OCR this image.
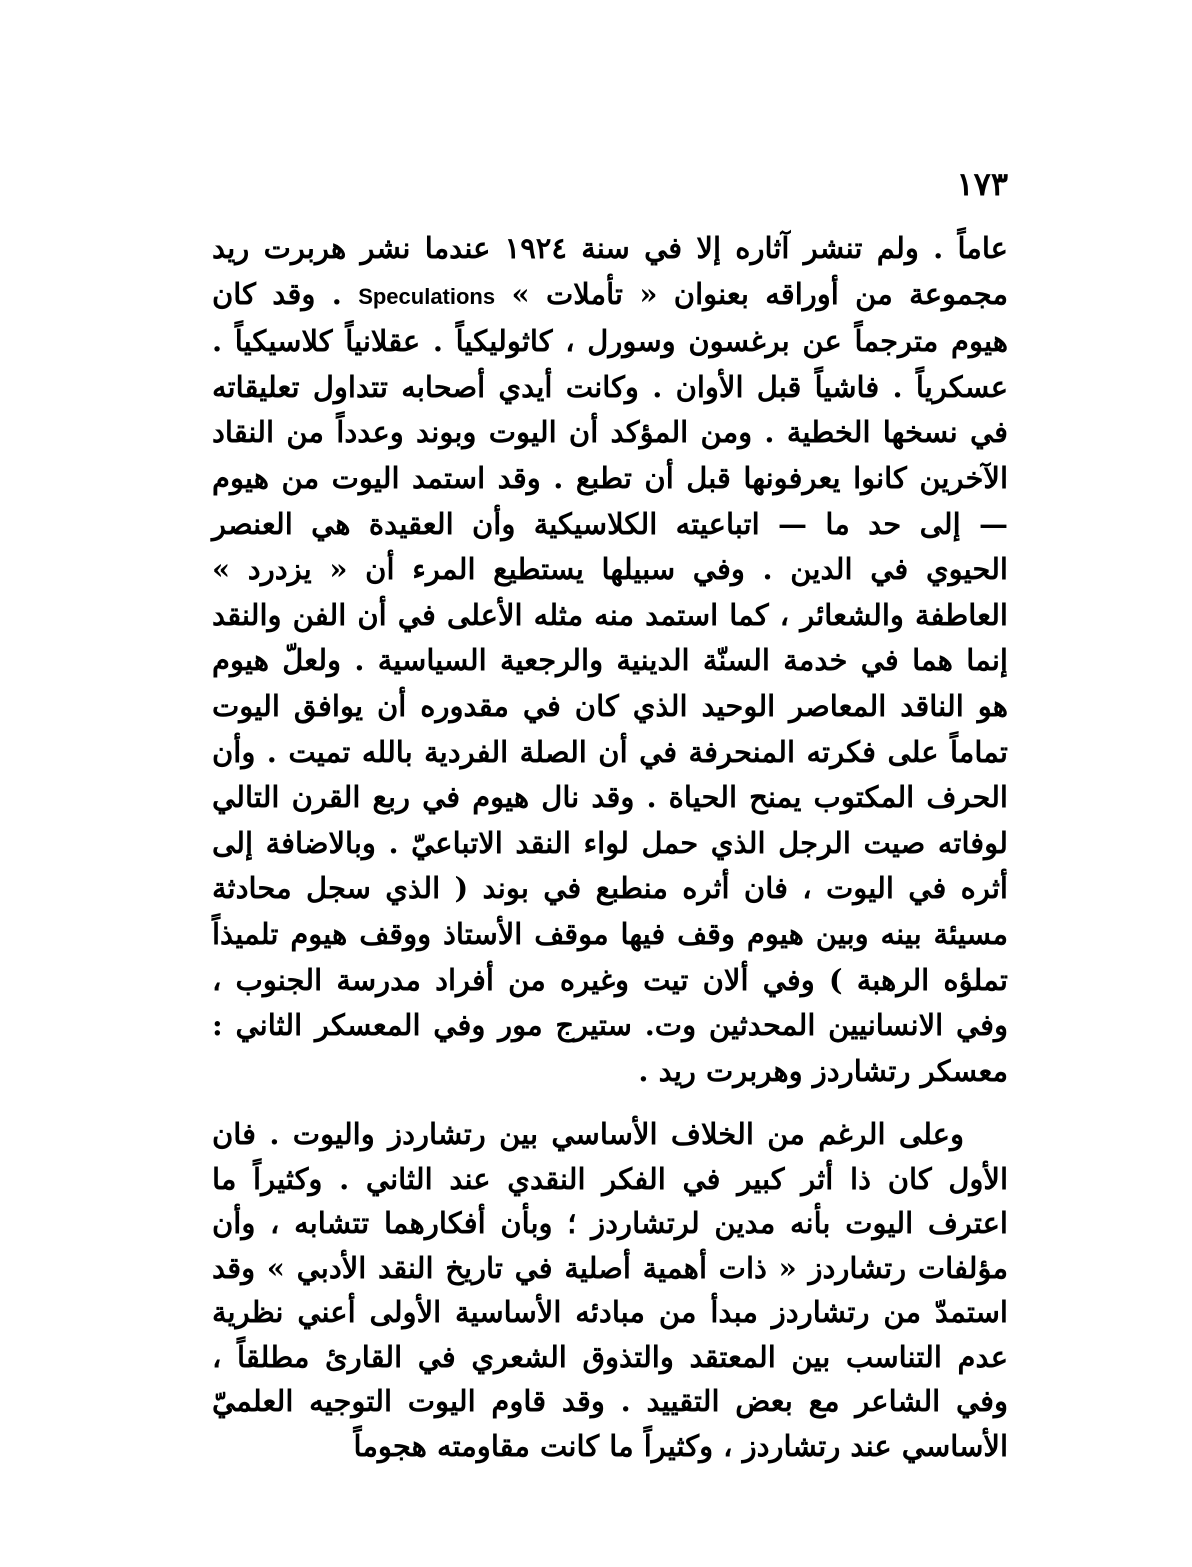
١٧٣

عاماً . ولم تنشر آثاره إلا في سنة ١٩٢٤ عندما نشر هربرت ريد مجموعة من أوراقه بعنوان « تأملات » Speculations . وقد كان هيوم مترجماً عن برغسون وسورل ، كاثوليكياً . عقلانياً كلاسيكياً . عسكرياً . فاشياً قبل الأوان . وكانت أيدي أصحابه تتداول تعليقاته في نسخها الخطية . ومن المؤكد أن اليوت وبوند وعدداً من النقاد الآخرين كانوا يعرفونها قبل أن تطبع . وقد استمد اليوت من هيوم — إلى حد ما — اتباعيته الكلاسيكية وأن العقيدة هي العنصر الحيوي في الدين . وفي سبيلها يستطيع المرء أن « يزدرد » العاطفة والشعائر ، كما استمد منه مثله الأعلى في أن الفن والنقد إنما هما في خدمة السنّة الدينية والرجعية السياسية . ولعلّ هيوم هو الناقد المعاصر الوحيد الذي كان في مقدوره أن يوافق اليوت تماماً على فكرته المنحرفة في أن الصلة الفردية بالله تميت . وأن الحرف المكتوب يمنح الحياة . وقد نال هيوم في ربع القرن التالي لوفاته صيت الرجل الذي حمل لواء النقد الاتباعيّ . وبالاضافة إلى أثره في اليوت ، فان أثره منطبع في بوند ( الذي سجل محادثة مسيئة بينه وبين هيوم وقف فيها موقف الأستاذ ووقف هيوم تلميذاً تملؤه الرهبة ) وفي ألان تيت وغيره من أفراد مدرسة الجنوب ، وفي الانسانيين المحدثين وت. ستيرج مور وفي المعسكر الثاني : معسكر رتشاردز وهربرت ريد .

وعلى الرغم من الخلاف الأساسي بين رتشاردز واليوت . فان الأول كان ذا أثر كبير في الفكر النقدي عند الثاني . وكثيراً ما اعترف اليوت بأنه مدين لرتشاردز ؛ وبأن أفكارهما تتشابه ، وأن مؤلفات رتشاردز « ذات أهمية أصلية في تاريخ النقد الأدبي » وقد استمدّ من رتشاردز مبدأ من مبادئه الأساسية الأولى أعني نظرية عدم التناسب بين المعتقد والتذوق الشعري في القارئ مطلقاً ، وفي الشاعر مع بعض التقييد . وقد قاوم اليوت التوجيه العلميّ الأساسي عند رتشاردز ، وكثيراً ما كانت مقاومته هجوماً
